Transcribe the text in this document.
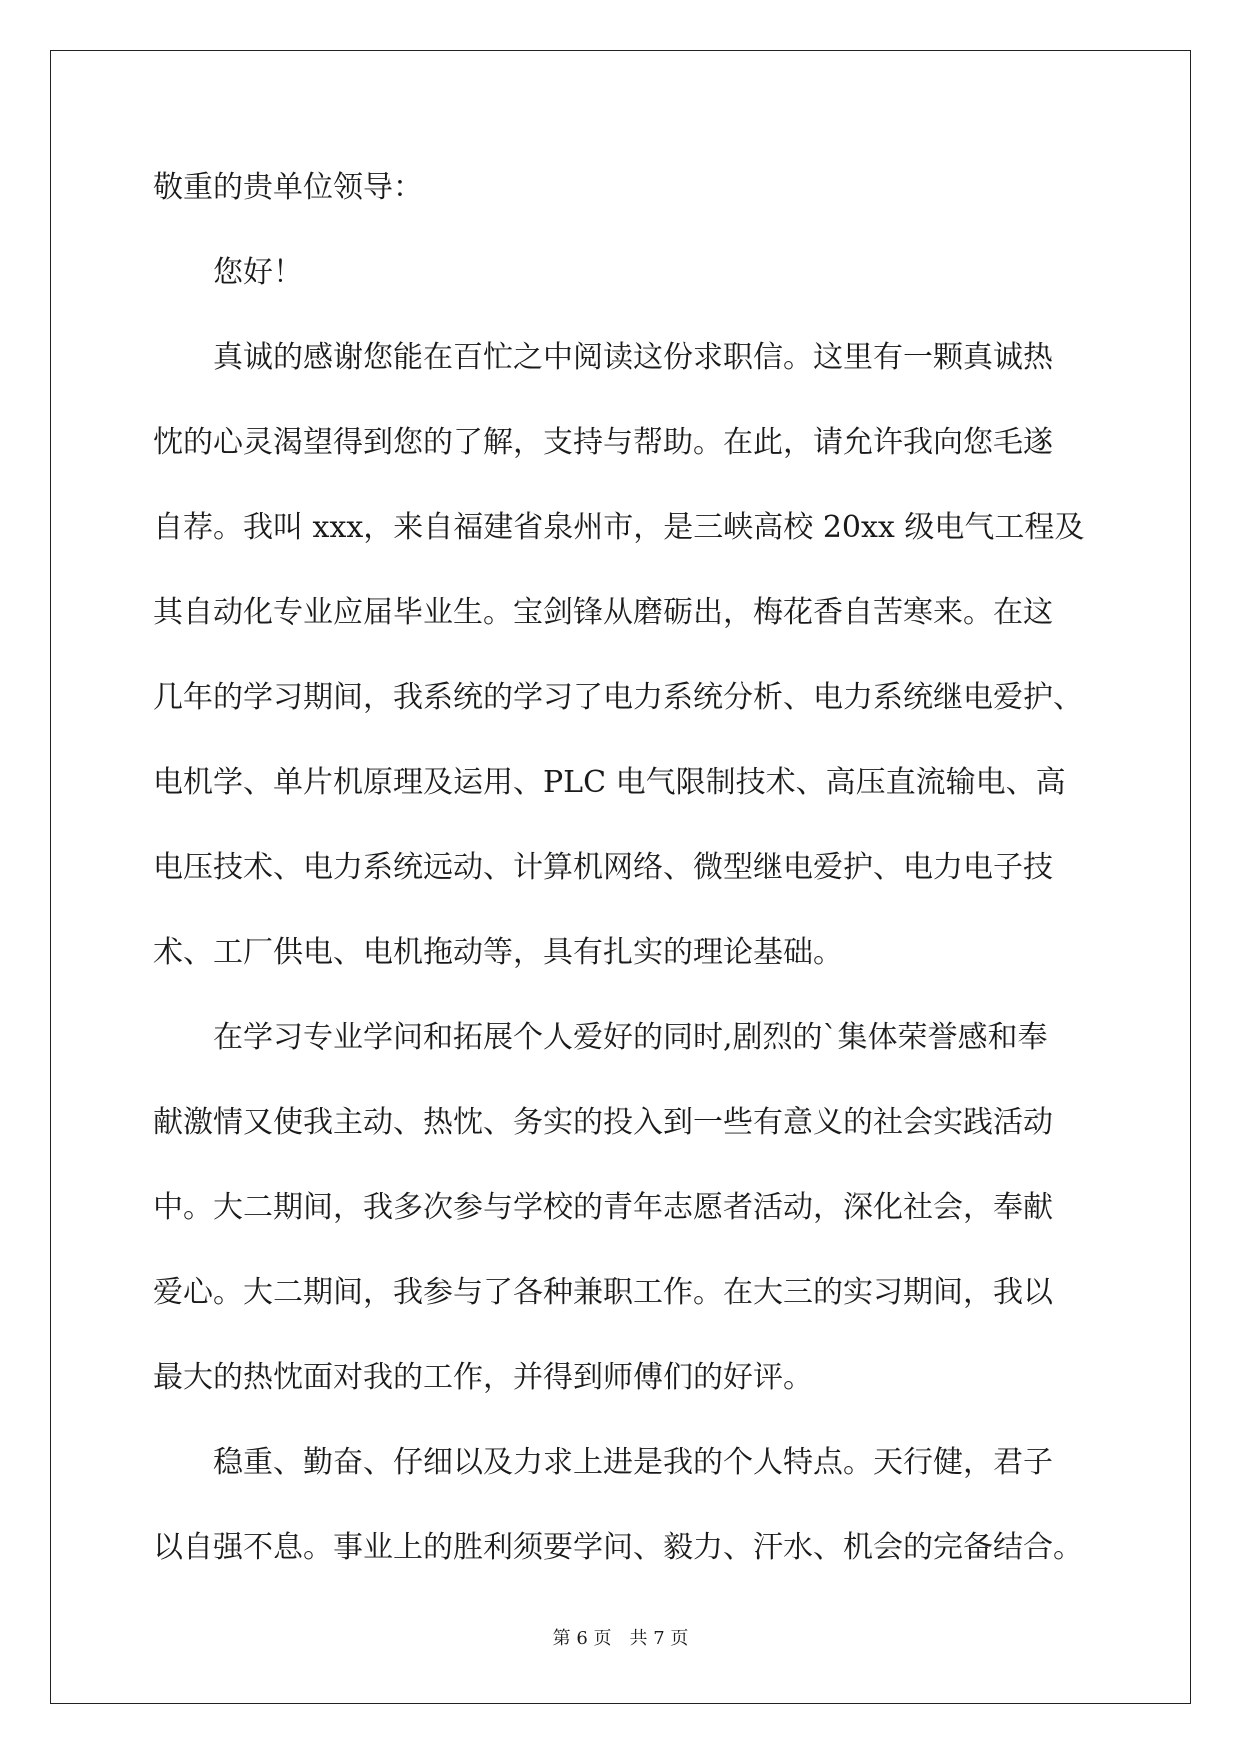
敬重的贵单位领导：
您好！
真诚的感谢您能在百忙之中阅读这份求职信。这里有一颗真诚热
忱的心灵渴望得到您的了解，支持与帮助。在此，请允许我向您毛遂
自荐。我叫 xxx，来自福建省泉州市，是三峡高校 20xx 级电气工程及
其自动化专业应届毕业生。宝剑锋从磨砺出，梅花香自苦寒来。在这
几年的学习期间，我系统的学习了电力系统分析、电力系统继电爱护、
电机学、单片机原理及运用、PLC 电气限制技术、高压直流输电、高
电压技术、电力系统远动、计算机网络、微型继电爱护、电力电子技
术、工厂供电、电机拖动等，具有扎实的理论基础。
在学习专业学问和拓展个人爱好的同时,剧烈的`集体荣誉感和奉
献激情又使我主动、热忱、务实的投入到一些有意义的社会实践活动
中。大二期间，我多次参与学校的青年志愿者活动，深化社会，奉献
爱心。大二期间，我参与了各种兼职工作。在大三的实习期间，我以
最大的热忱面对我的工作，并得到师傅们的好评。
稳重、勤奋、仔细以及力求上进是我的个人特点。天行健，君子
以自强不息。事业上的胜利须要学问、毅力、汗水、机会的完备结合。
第 6 页　共 7 页
